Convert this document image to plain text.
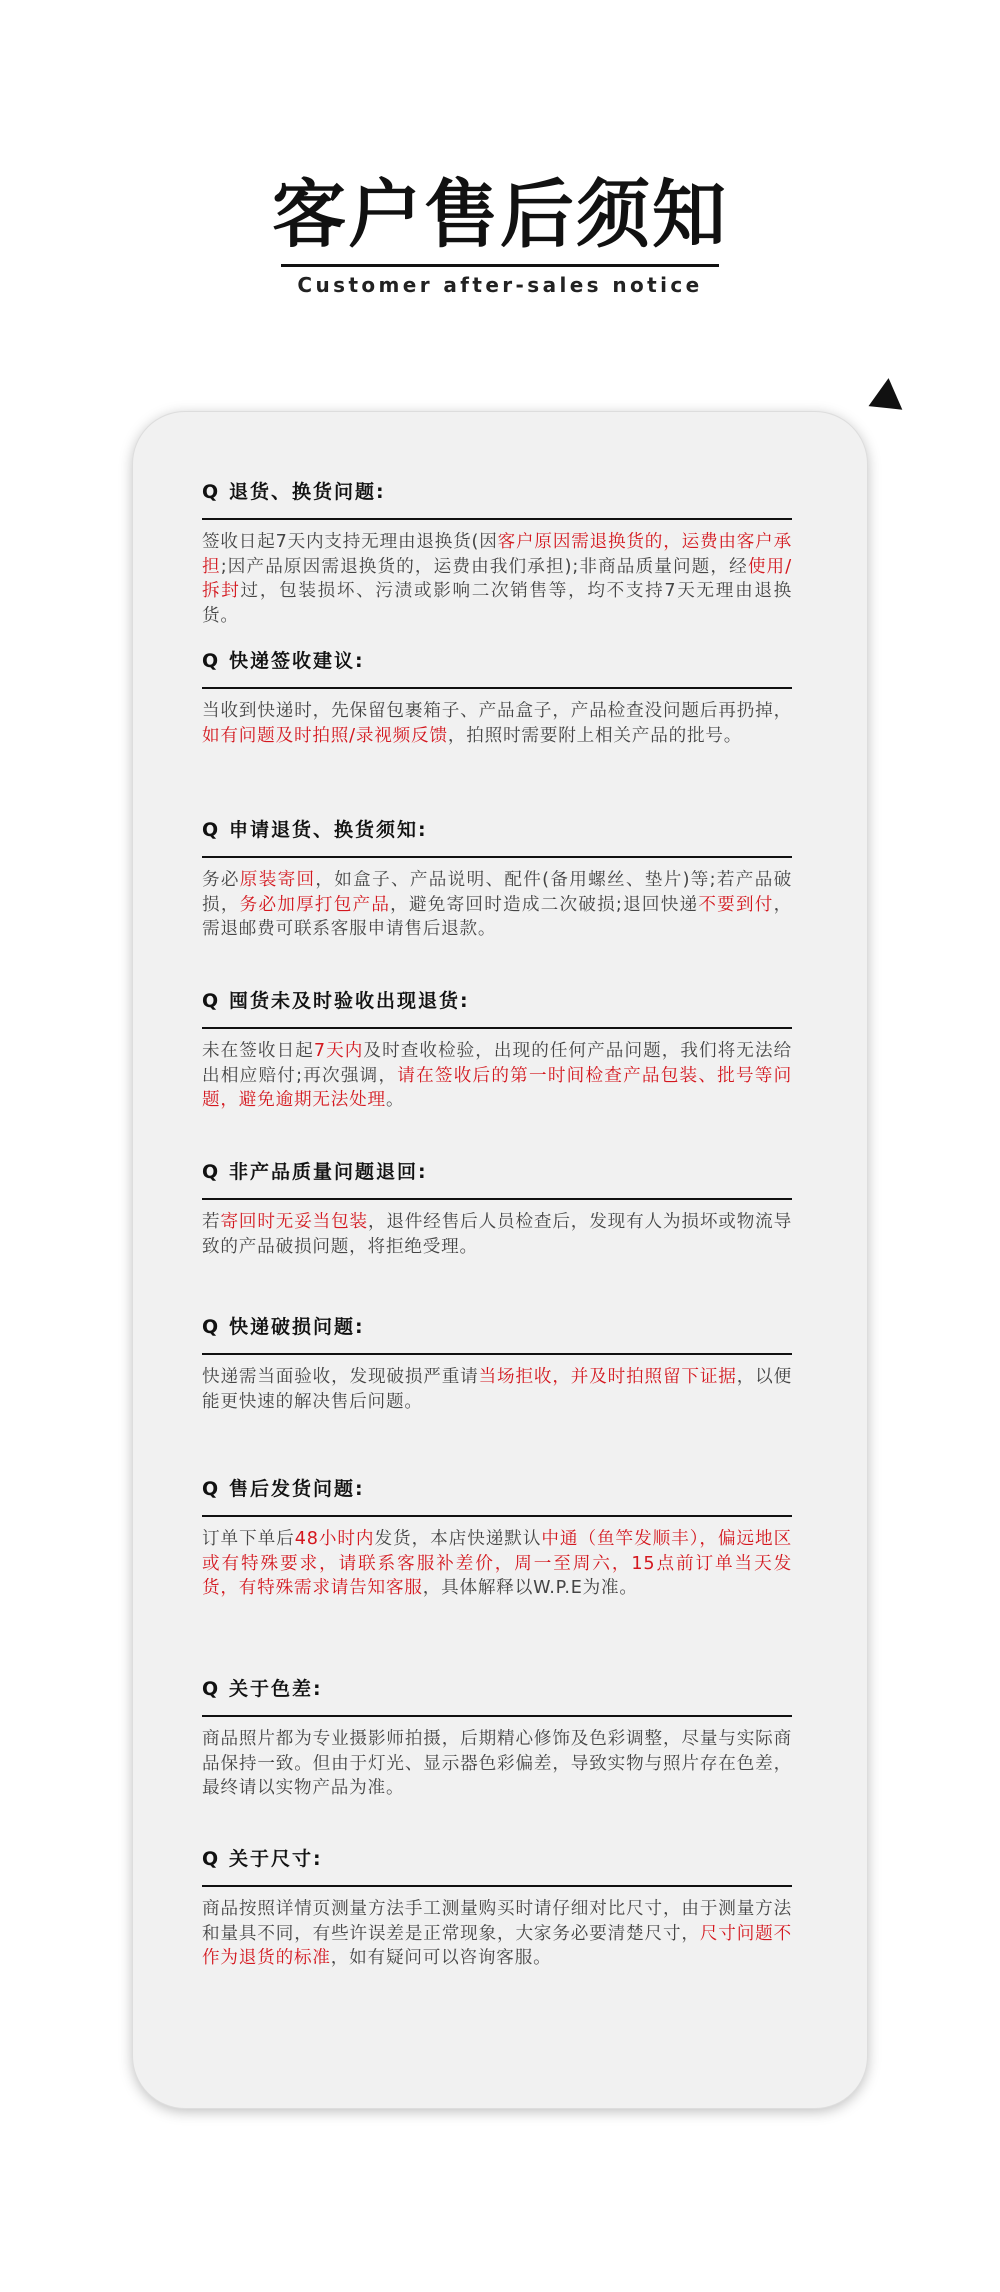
客户售后须知
Customer after-sales notice
Q 退货、换货问题:
签收日起7天内支持无理由退换货(因客户原因需退换货的，运费由客户承担;因产品原因需退换货的，运费由我们承担);非商品质量问题，经使用/拆封过，包装损坏、污渍或影响二次销售等，均不支持7天无理由退换货。
Q 快递签收建议:
当收到快递时，先保留包裹箱子、产品盒子，产品检查没问题后再扔掉，如有问题及时拍照/录视频反馈，拍照时需要附上相关产品的批号。
Q 申请退货、换货须知:
务必原装寄回，如盒子、产品说明、配件(备用螺丝、垫片)等;若产品破损，务必加厚打包产品，避免寄回时造成二次破损;退回快递不要到付，需退邮费可联系客服申请售后退款。
Q 囤货未及时验收出现退货:
未在签收日起7天内及时查收检验，出现的任何产品问题，我们将无法给出相应赔付;再次强调，请在签收后的第一时间检查产品包装、批号等问题，避免逾期无法处理。
Q 非产品质量问题退回:
若寄回时无妥当包装，退件经售后人员检查后，发现有人为损坏或物流导致的产品破损问题，将拒绝受理。
Q 快递破损问题:
快递需当面验收，发现破损严重请当场拒收，并及时拍照留下证据，以便能更快速的解决售后问题。
Q 售后发货问题:
订单下单后48小时内发货，本店快递默认中通（鱼竿发顺丰），偏远地区或有特殊要求，请联系客服补差价，周一至周六，15点前订单当天发货，有特殊需求请告知客服，具体解释以W.P.E为准。
Q 关于色差:
商品照片都为专业摄影师拍摄，后期精心修饰及色彩调整，尽量与实际商品保持一致。但由于灯光、显示器色彩偏差，导致实物与照片存在色差，最终请以实物产品为准。
Q 关于尺寸:
商品按照详情页测量方法手工测量购买时请仔细对比尺寸，由于测量方法和量具不同，有些许误差是正常现象，大家务必要清楚尺寸，尺寸问题不作为退货的标准，如有疑问可以咨询客服。
